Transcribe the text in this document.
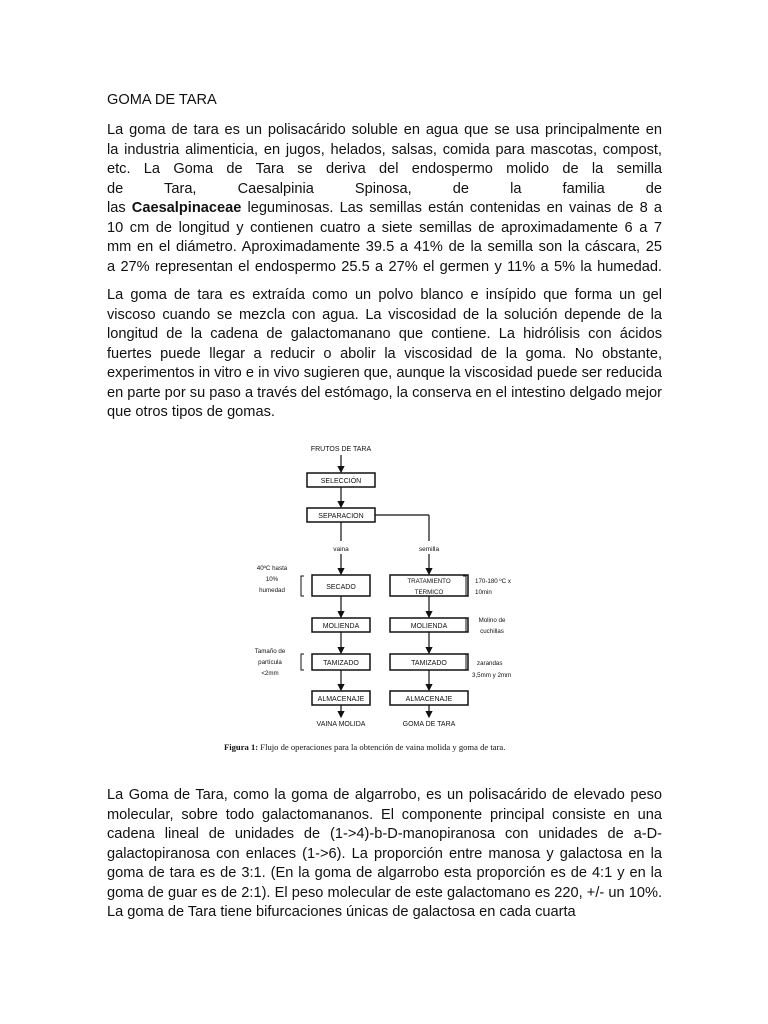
GOMA DE TARA
La goma de tara es un polisacárido soluble en agua que se usa principalmente en
la industria alimenticia, en jugos, helados, salsas, comida para mascotas, compost,
etc. La Goma de Tara se deriva del endospermo molido de la semilla
de Tara, Caesalpinia Spinosa, de la familia de
las Caesalpinaceae leguminosas. Las semillas están contenidas en vainas de 8 a
10 cm de longitud y contienen cuatro a siete semillas de aproximadamente 6 a 7
mm en el diámetro. Aproximadamente 39.5 a 41% de la semilla son la cáscara, 25
a 27% representan el endospermo 25.5 a 27% el germen y 11% a 5% la humedad.
La goma de tara es extraída como un polvo blanco e insípido que forma un gel viscoso cuando se mezcla con agua. La viscosidad de la solución depende de la longitud de la cadena de galactomanano que contiene. La hidrólisis con ácidos fuertes puede llegar a reducir o abolir la viscosidad de la goma. No obstante, experimentos in vitro e in vivo sugieren que, aunque la viscosidad puede ser reducida en parte por su paso a través del estómago, la conserva en el intestino delgado mejor que otros tipos de gomas.
FRUTOS DE TARA
SELECCIÓN
SEPARACION
vaina	semilla
40ºC hasta
10%
humedad	SECADO
TRATAMIENTO
TERMICO
170-180 ºC x
10min
MOLIENDA	MOLIENDA
Molino de
cuchillas
Tamaño de
partícula
<2mm
TAMIZADO	TAMIZADO	zarandas
3,5mm y 2mm
ALMACENAJE	ALMACENAJE
VAINA MOLIDA	GOMA DE TARA
Figura 1: Flujo de operaciones para la obtención de vaina molida y goma de tara.
La Goma de Tara, como la goma de algarrobo, es un polisacárido de elevado peso molecular, sobre todo galactomananos. El componente principal consiste en una cadena lineal de unidades de (1->4)-b-D-manopiranosa con unidades de a-D-galactopiranosa con enlaces (1->6). La proporción entre manosa y galactosa en la goma de tara es de 3:1. (En la goma de algarrobo esta proporción es de 4:1 y en la goma de guar es de 2:1). El peso molecular de este galactomano es 220, +/- un 10%. La goma de Tara tiene bifurcaciones únicas de galactosa en cada cuarta
